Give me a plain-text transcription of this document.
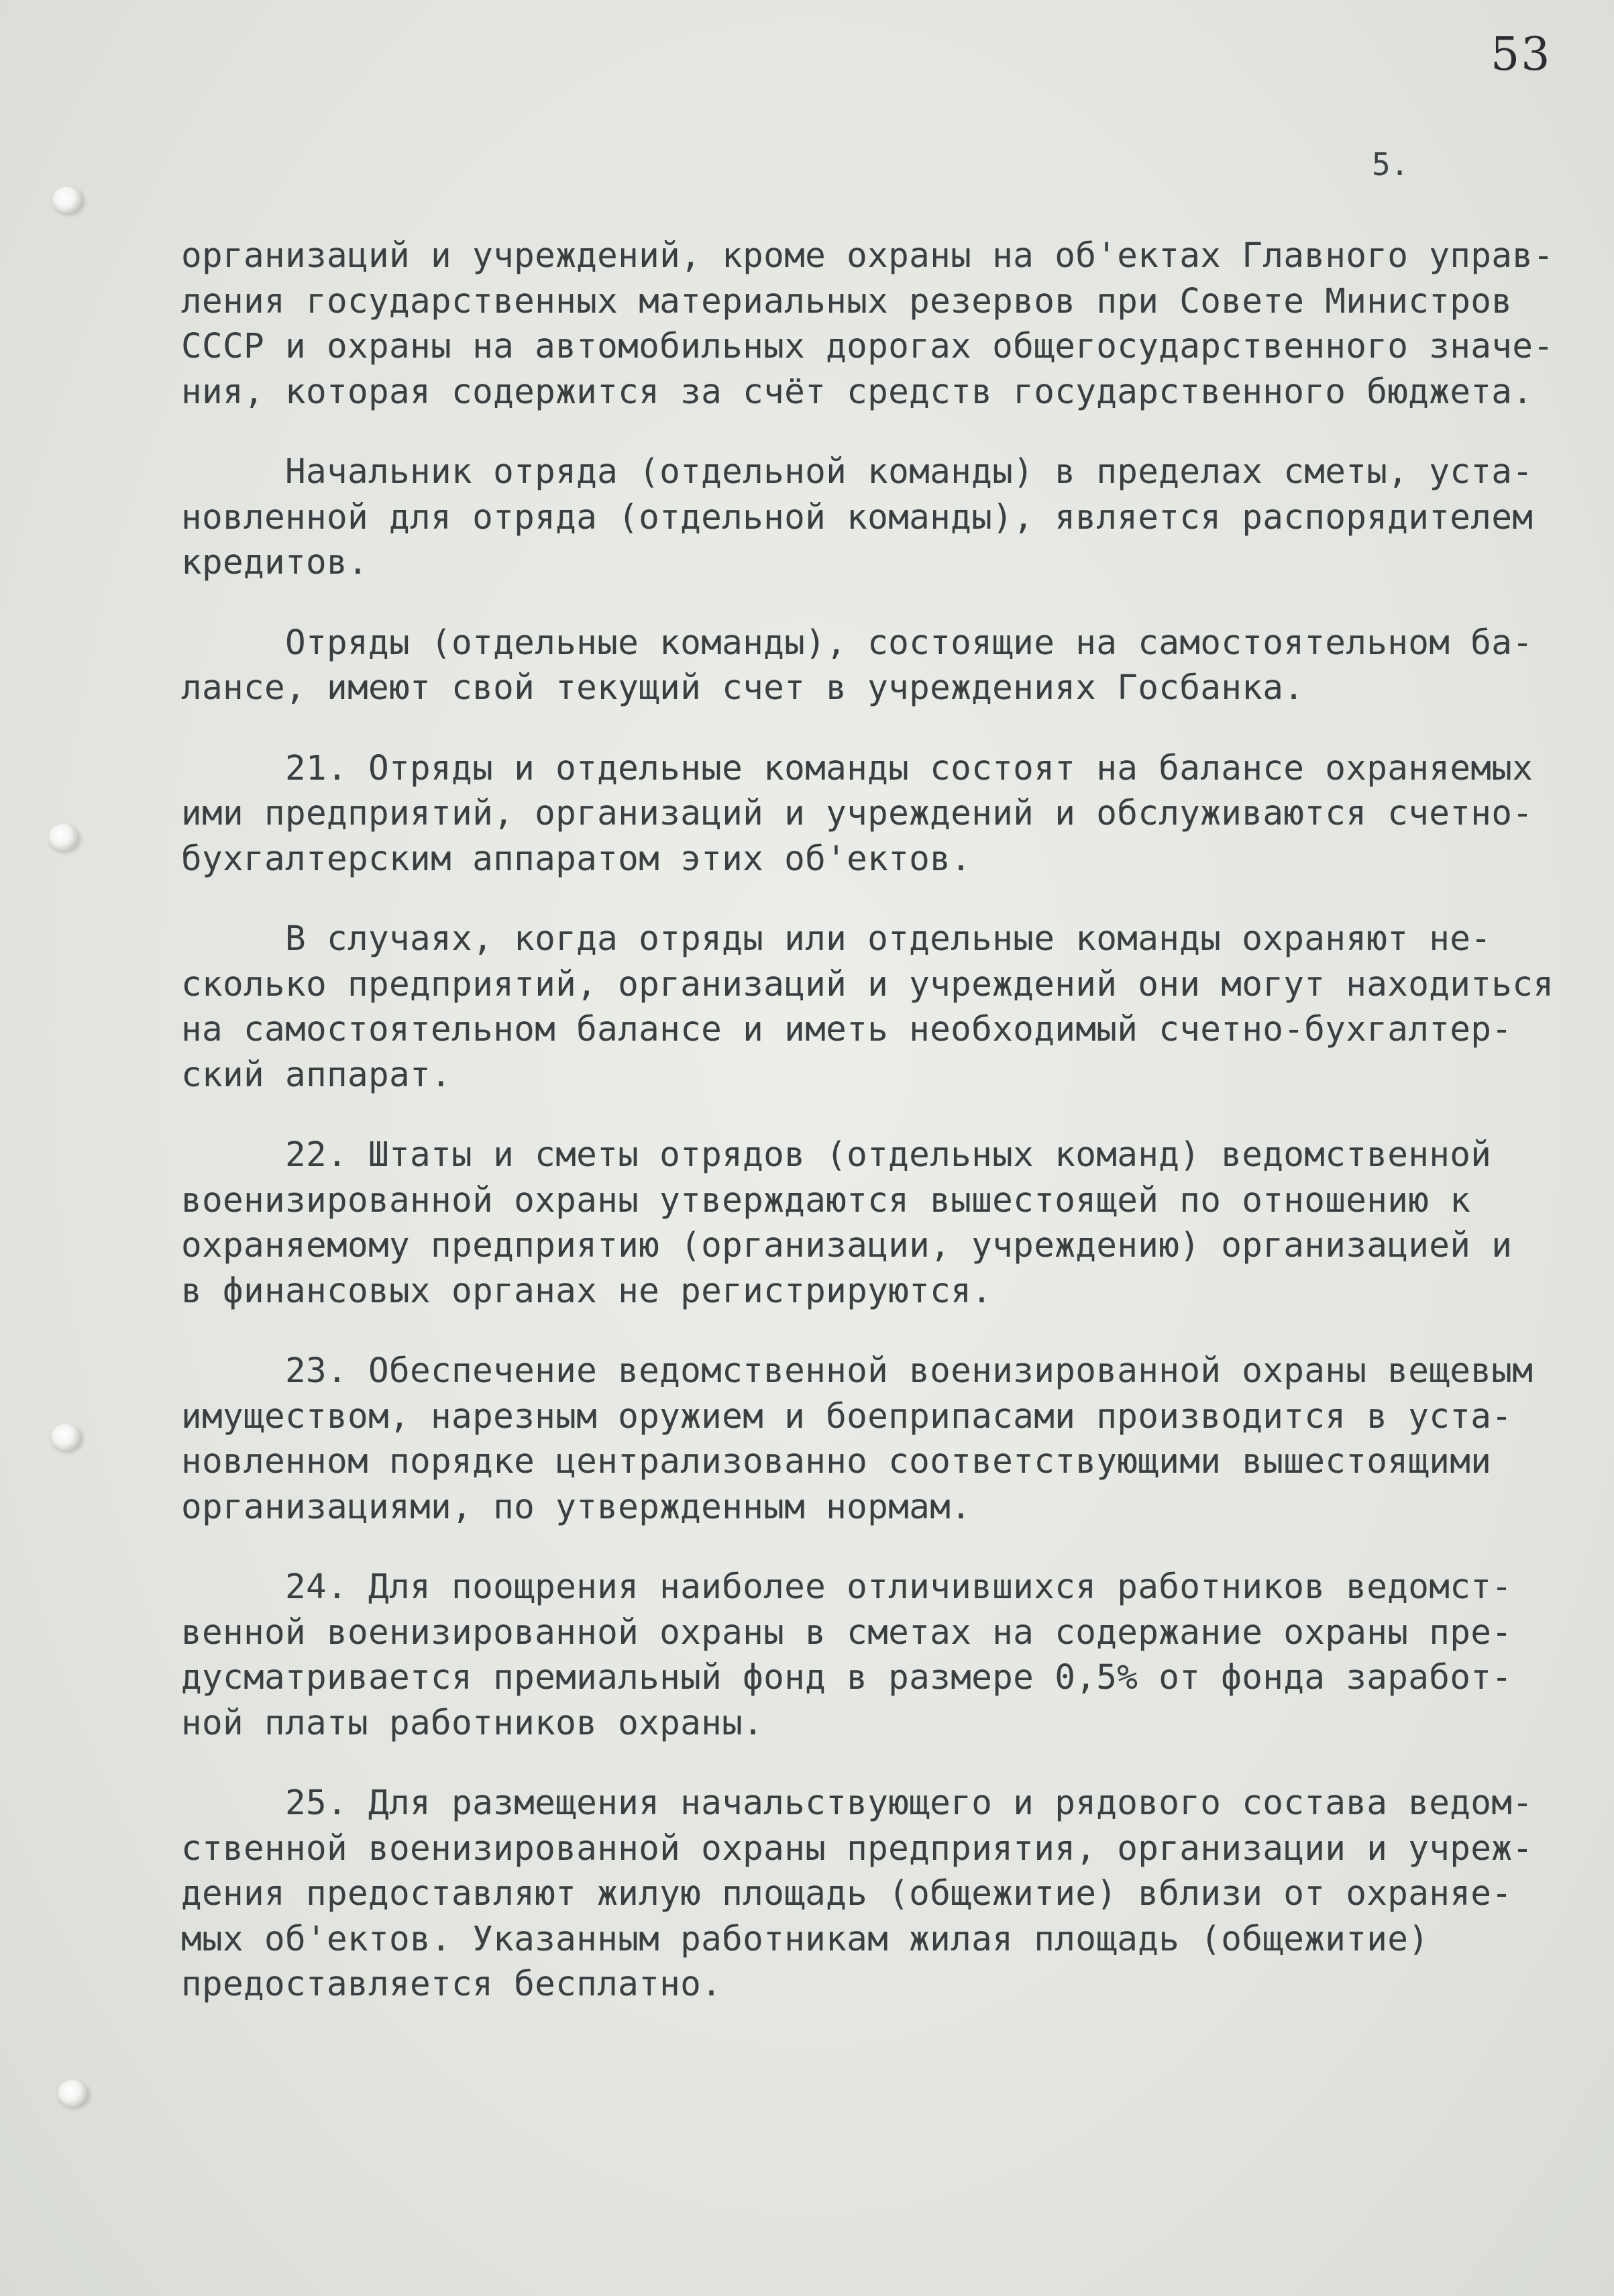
53
5.
организаций и учреждений, кроме охраны на об'ектах Главного управ-
ления государственных материальных резервов при Совете Министров
СССР и охраны на автомобильных дорогах общегосударственного значе-
ния, которая содержится за счёт средств государственного бюджета.
Начальник отряда (отдельной команды) в пределах сметы, уста-
новленной для отряда (отдельной команды), является распорядителем
кредитов.
Отряды (отдельные команды), состоящие на самостоятельном ба-
лансе, имеют свой текущий счет в учреждениях Госбанка.
21. Отряды и отдельные команды состоят на балансе охраняемых
ими предприятий, организаций и учреждений и обслуживаются счетно-
бухгалтерским аппаратом этих об'ектов.
В случаях, когда отряды или отдельные команды охраняют не-
сколько предприятий, организаций и учреждений они могут находиться
на самостоятельном балансе и иметь необходимый счетно-бухгалтер-
ский аппарат.
22. Штаты и сметы отрядов (отдельных команд) ведомственной
военизированной охраны утверждаются вышестоящей по отношению к
охраняемому предприятию (организации, учреждению) организацией и
в финансовых органах не регистрируются.
23. Обеспечение ведомственной военизированной охраны вещевым
имуществом, нарезным оружием и боеприпасами производится в уста-
новленном порядке централизованно соответствующими вышестоящими
организациями, по утвержденным нормам.
24. Для поощрения наиболее отличившихся работников ведомст-
венной военизированной охраны в сметах на содержание охраны пре-
дусматривается премиальный фонд в размере 0,5% от фонда заработ-
ной платы работников охраны.
25. Для размещения начальствующего и рядового состава ведом-
ственной военизированной охраны предприятия, организации и учреж-
дения предоставляют жилую площадь (общежитие) вблизи от охраняе-
мых об'ектов. Указанным работникам жилая площадь (общежитие)
предоставляется бесплатно.
